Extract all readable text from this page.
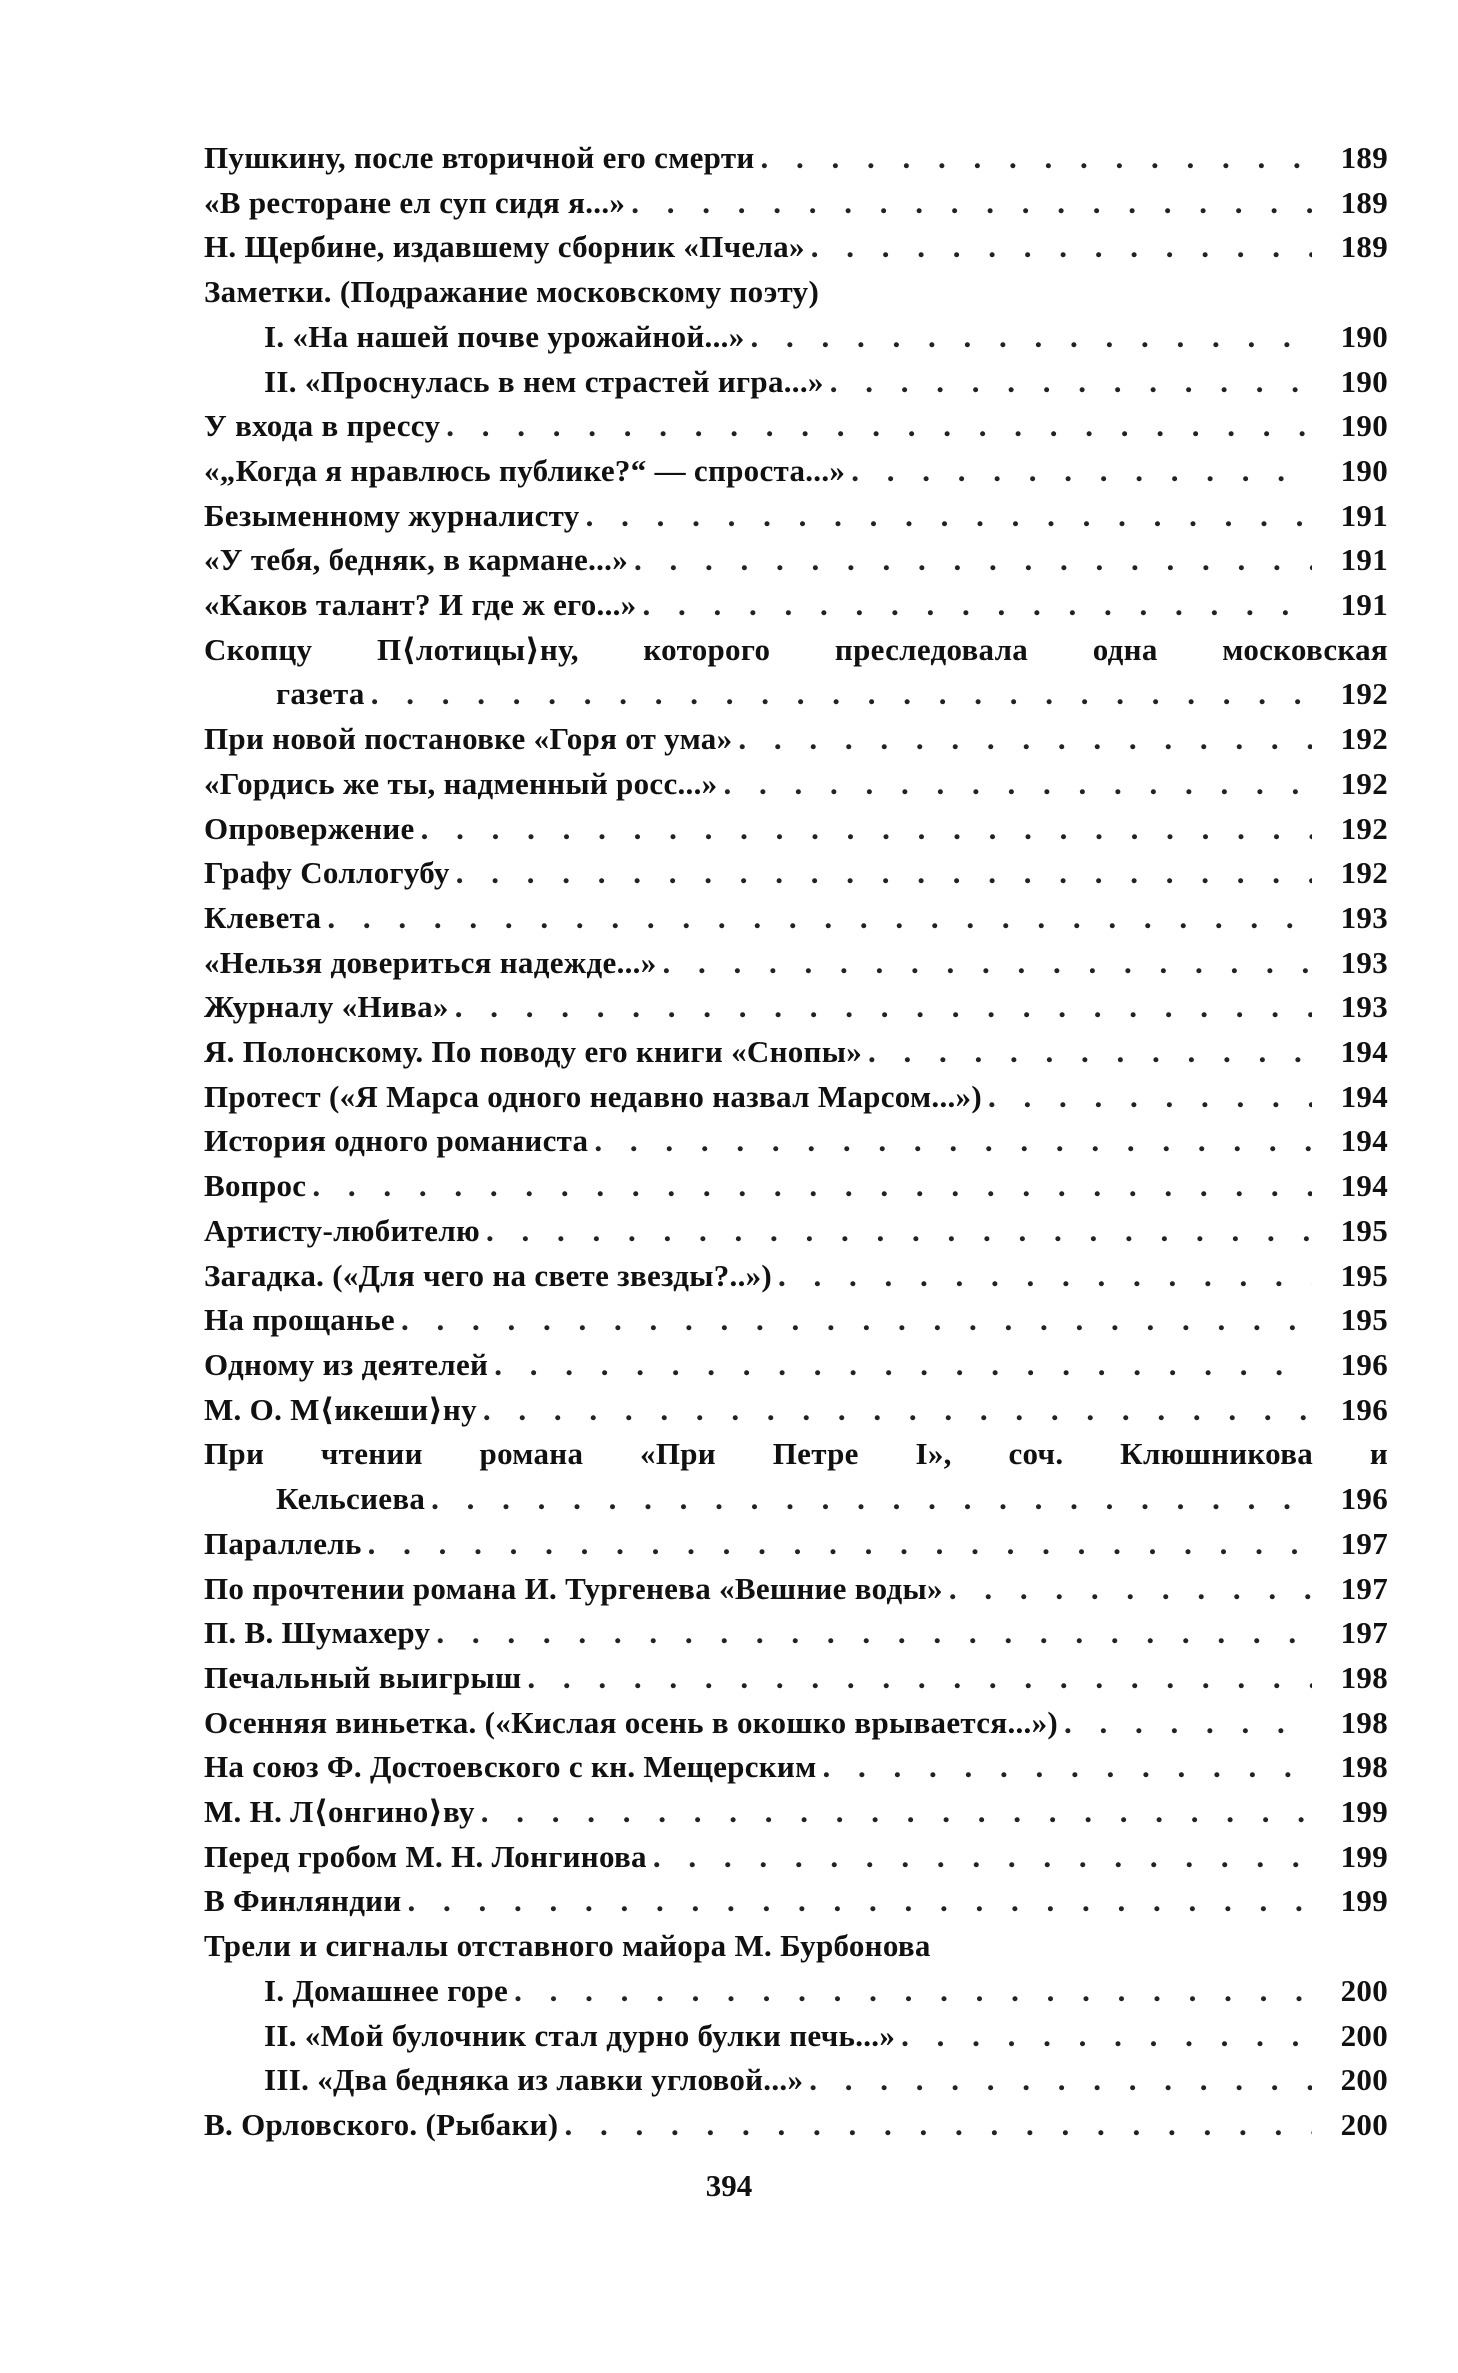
Пушкину, после вторичной его смерти . . .	189
«В ресторане ел суп сидя я...» . . .	189
Н. Щербине, издавшему сборник «Пчела» . . .	189
Заметки. (Подражание московскому поэту)
I. «На нашей почве урожайной...» . . .	190
II. «Проснулась в нем страстей игра...» . . .	190
У входа в прессу . . .	190
«„Когда я нравлюсь публике?“ — спроста...» . . .	190
Безыменному журналисту . . .	191
«У тебя, бедняк, в кармане...» . . .	191
«Каков талант? И где ж его...» . . .	191
Скопцу П⟨лотицы⟩ну, которого преследовала одна московская
газета . . .	192
При новой постановке «Горя от ума» . . .	192
«Гордись же ты, надменный росс...» . . .	192
Опровержение . . .	192
Графу Соллогубу . . .	192
Клевета . . .	193
«Нельзя довериться надежде...» . . .	193
Журналу «Нива» . . .	193
Я. Полонскому. По поводу его книги «Снопы» . . .	194
Протест («Я Марса одного недавно назвал Марсом...») . . .	194
История одного романиста . . .	194
Вопрос . . .	194
Артисту-любителю . . .	195
Загадка. («Для чего на свете звезды?..») . . .	195
На прощанье . . .	195
Одному из деятелей . . .	196
М. О. М⟨икеши⟩ну . . .	196
При чтении романа «При Петре I», соч. Клюшникова и
Кельсиева . . .	196
Параллель . . .	197
По прочтении романа И. Тургенева «Вешние воды» . . .	197
П. В. Шумахеру . . .	197
Печальный выигрыш . . .	198
Осенняя виньетка. («Кислая осень в окошко врывается...») . . .	198
На союз Ф. Достоевского с кн. Мещерским . . .	198
М. Н. Л⟨онгино⟩ву . . .	199
Перед гробом М. Н. Лонгинова . . .	199
В Финляндии . . .	199
Трели и сигналы отставного майора М. Бурбонова
I. Домашнее горе . . .	200
II. «Мой булочник стал дурно булки печь...» . . .	200
III. «Два бедняка из лавки угловой...» . . .	200
В. Орловского. (Рыбаки) . . .	200
394
